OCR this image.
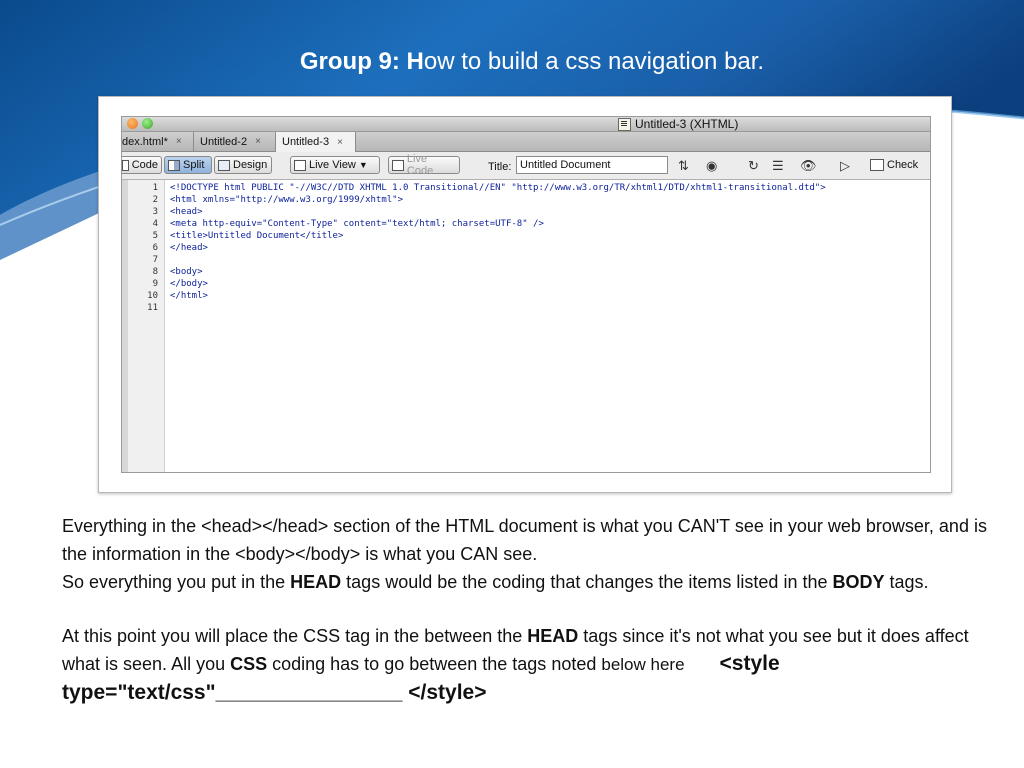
Group 9: How to build a css navigation bar.
Untitled-3 (XHTML)
dex.html* × Untitled-2 × Untitled-3 ×
Code Split	Design	Live View ▼	Live Code	Title:
Untitled Document	⇅ ◉ ↻ ☰ 👁 ▷	Check
1
2
3
4
5
6
7
8
9
10
11
<!DOCTYPE html PUBLIC "-//W3C//DTD XHTML 1.0 Transitional//EN" "http://www.w3.org/TR/xhtml1/DTD/xhtml1-transitional.dtd">
<html xmlns="http://www.w3.org/1999/xhtml">
<head>
<meta http-equiv="Content-Type" content="text/html; charset=UTF-8" />
<title>Untitled Document</title>
</head>
<body>
</body>
</html>

Everything in the <head></head> section of the HTML document is what you CAN'T see in your web browser, and is the information in the <body></body> is what you CAN see.
So everything you put in the HEAD tags would be the coding that changes the items listed in the BODY tags.

At this point you will place the CSS tag in the between the HEAD tags since it's not what you see but it does affect what is seen. All you CSS coding has to go between the tags noted below here <style type="text/css"________________ </style>
